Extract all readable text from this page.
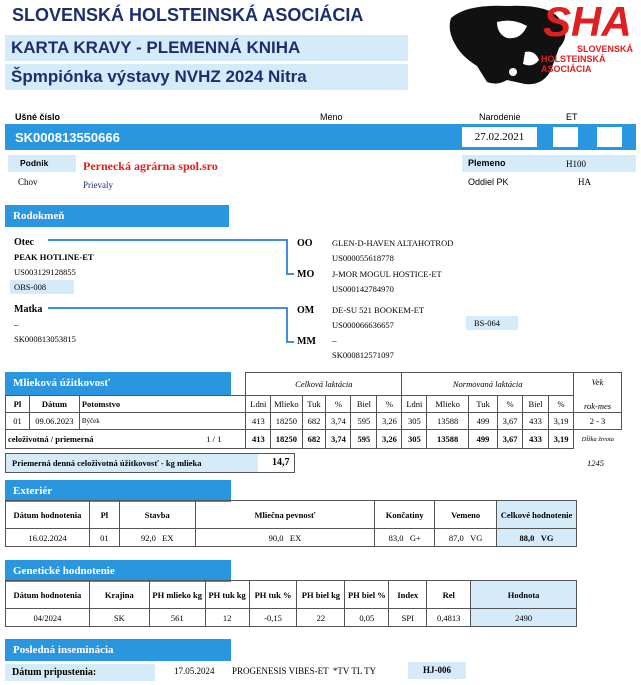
SLOVENSKÁ HOLSTEINSKÁ ASOCIÁCIA
KARTA KRAVY - PLEMENNÁ KNIHA
Špmpiónka výstavy NVHZ 2024 Nitra
SHA
SLOVENSKÁ
HOLSTEINSKÁ ASOCIÁCIA
Ušné číslo	Meno	Narodenie	ET
SK000813550666	27.02.2021
Podnik	Pernecká agrárna spol.sro
Chov	Prievaly
Plemeno	H100
Oddiel PK	HA
Rodokmeň
Otec
PEAK HOTLINE-ET
US003129128855
OBS-008
Matka
–
SK000813053815
OO GLEN-D-HAVEN ALTAHOTROD
US000055618778
MO J-MOR MOGUL HOSTICE-ET
US000142784970
OM DE-SU 521 BOOKEM-ET
US000066636657	BS-064
MM –
SK000812571097
Mlieková úžitkovosť
			Celková laktácia						Normovaná laktácia						Vek
rok-mes

Pl	Dátum	Potomstvo	Ldni	Mlieko	Tuk	%	Biel	%	Ldni	Mlieko	Tuk	%	Biel	%	
01	09.06.2023	Býček	413	18250	682	3,74	595	3,26	305	13588	499	3,67	433	3,19	2 - 3
celoživotná / priemerná 1 / 1			413	18250	682	3,74	595	3,26	305	13588	499	3,67	433	3,19	Dĺžka života
Priemerná denná celoživotná úžitkovosť - kg mlieka	14,7	1245
Exteriér
Dátum hodnotenia	Pl	Stavba	Mliečna pevnosť	Končatiny	Vemeno	Celkové hodnotenie
16.02.2024	01	92,0 EX	90,0 EX	83,0 G+	87,0 VG	88,0 VG
Genetické hodnotenie
Dátum hodnotenia	Krajina	PH mlieko kg	PH tuk kg	PH tuk %	PH biel kg	PH biel %	Index	Rel	Hodnota
04/2024	SK	561	12	-0,15	22	0,05	SPI	0,4813	2490
Posledná inseminácia
Dátum pripustenia:	17.05.2024 PROGENESIS VIBES-ET  *TV TL TY	HJ-006
